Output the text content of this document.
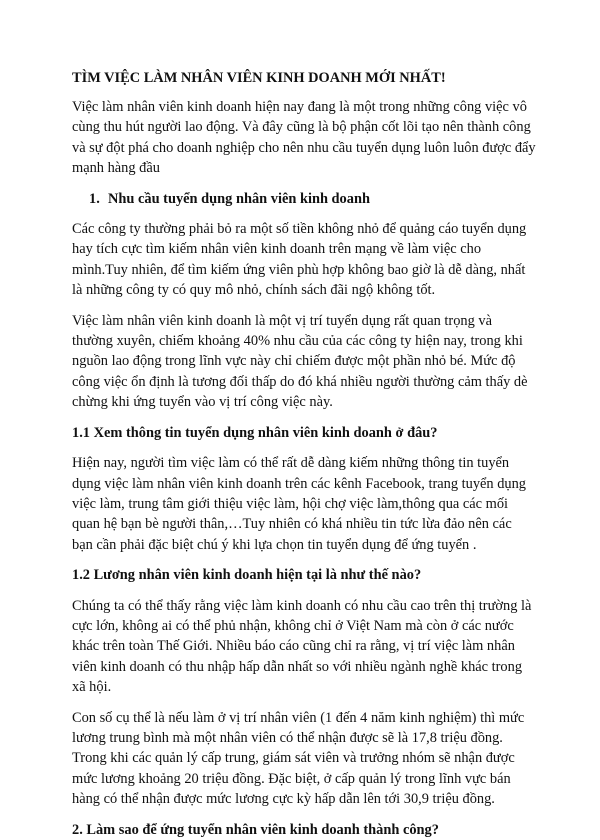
TÌM VIỆC LÀM NHÂN VIÊN KINH DOANH MỚI NHẤT!

Việc làm nhân viên kinh doanh hiện nay đang là một trong những công việc vô cùng thu hút người lao động. Và đây cũng là bộ phận cốt lõi tạo nên thành công và sự đột phá cho doanh nghiệp cho nên nhu cầu tuyển dụng luôn luôn được đẩy mạnh hàng đầu

1. Nhu cầu tuyển dụng nhân viên kinh doanh

Các công ty thường phải bỏ ra một số tiền không nhỏ để quảng cáo tuyển dụng hay tích cực tìm kiếm nhân viên kinh doanh trên mạng về làm việc cho mình.Tuy nhiên, để tìm kiếm ứng viên phù hợp không bao giờ là dễ dàng, nhất là những công ty có quy mô nhỏ, chính sách đãi ngộ không tốt.

Việc làm nhân viên kinh doanh là một vị trí tuyển dụng rất quan trọng và thường xuyên, chiếm khoảng 40% nhu cầu của các công ty hiện nay, trong khi nguồn lao động trong lĩnh vực này chỉ chiếm được một phần nhỏ bé. Mức độ công việc ổn định là tương đối thấp do đó khá nhiều người thường cảm thấy dè chừng khi ứng tuyển vào vị trí công việc này.

1.1 Xem thông tin tuyển dụng nhân viên kinh doanh ở đâu?

Hiện nay, người tìm việc làm có thể rất dễ dàng kiếm những thông tin tuyển dụng việc làm nhân viên kinh doanh trên các kênh Facebook, trang tuyển dụng việc làm, trung tâm giới thiệu việc làm, hội chợ việc làm,thông qua các mối quan hệ bạn bè người thân,…Tuy nhiên có khá nhiều tin tức lừa đảo nên các bạn cần phải đặc biệt chú ý khi lựa chọn tin tuyển dụng để ứng tuyển .

1.2 Lương nhân viên kinh doanh hiện tại là như thế nào?

Chúng ta có thể thấy rằng việc làm kinh doanh có nhu cầu cao trên thị trường là cực lớn, không ai có thể phủ nhận, không chỉ ở Việt Nam mà còn ở các nước khác trên toàn Thế Giới. Nhiều báo cáo cũng chỉ ra rằng, vị trí việc làm nhân viên kinh doanh có thu nhập hấp dẫn nhất so với nhiều ngành nghề khác trong xã hội.

Con số cụ thể là nếu làm ở vị trí nhân viên (1 đến 4 năm kinh nghiệm) thì mức lương trung bình mà một nhân viên có thể nhận được sẽ là 17,8 triệu đồng. Trong khi các quản lý cấp trung, giám sát viên và trưởng nhóm sẽ nhận được mức lương khoảng 20 triệu đồng. Đặc biệt, ở cấp quản lý trong lĩnh vực bán hàng có thể nhận được mức lương cực kỳ hấp dẫn lên tới 30,9 triệu đồng.

2. Làm sao để ứng tuyển nhân viên kinh doanh thành công?
